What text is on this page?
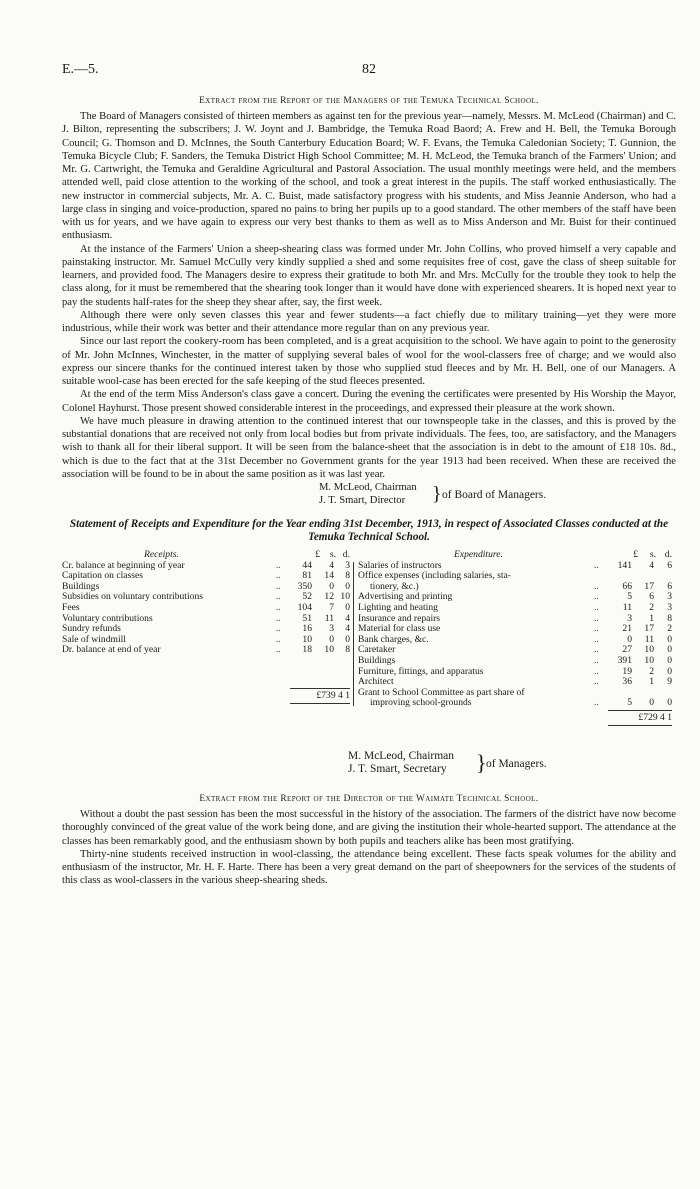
E.—5.	82
Extract from the Report of the Managers of the Temuka Technical School.

The Board of Managers consisted of thirteen members as against ten for the previous year—namely, Messrs. M. McLeod (Chairman) and C. J. Bilton, representing the subscribers; J. W. Joynt and J. Bambridge, the Temuka Road Baord; A. Frew and H. Bell, the Temuka Borough Council; G. Thomson and D. McInnes, the South Canterbury Education Board; W. F. Evans, the Temuka Caledonian Society; T. Gunnion, the Temuka Bicycle Club; F. Sanders, the Temuka District High School Committee; M. H. McLeod, the Temuka branch of the Farmers' Union; and Mr. G. Cartwright, the Temuka and Geraldine Agricultural and Pastoral Association. The usual monthly meetings were held, and the members attended well, paid close attention to the working of the school, and took a great interest in the pupils. The staff worked enthusiastically. The new instructor in commercial subjects, Mr. A. C. Buist, made satisfactory progress with his students, and Miss Jeannie Anderson, who had a large class in singing and voice-production, spared no pains to bring her pupils up to a good standard. The other members of the staff have been with us for years, and we have again to express our very best thanks to them as well as to Miss Anderson and Mr. Buist for their continued enthusiasm.

At the instance of the Farmers' Union a sheep-shearing class was formed under Mr. John Collins, who proved himself a very capable and painstaking instructor. Mr. Samuel McCully very kindly supplied a shed and some requisites free of cost, gave the class of sheep suitable for learners, and provided food. The Managers desire to express their gratitude to both Mr. and Mrs. McCully for the trouble they took to help the class along, for it must be remembered that the shearing took longer than it would have done with experienced shearers. It is hoped next year to pay the students half-rates for the sheep they shear after, say, the first week.

Although there were only seven classes this year and fewer students—a fact chiefly due to military training—yet they were more industrious, while their work was better and their attendance more regular than on any previous year.

Since our last report the cookery-room has been completed, and is a great acquisition to the school. We have again to point to the generosity of Mr. John McInnes, Winchester, in the matter of supplying several bales of wool for the wool-classers free of charge; and we would also express our sincere thanks for the continued interest taken by those who supplied stud fleeces and by Mr. H. Bell, one of our Managers. A suitable wool-case has been erected for the safe keeping of the stud fleeces presented.

At the end of the term Miss Anderson's class gave a concert. During the evening the certificates were presented by His Worship the Mayor, Colonel Hayhurst. Those present showed considerable interest in the proceedings, and expressed their pleasure at the work shown.

We have much pleasure in drawing attention to the continued interest that our townspeople take in the classes, and this is proved by the substantial donations that are received not only from local bodies but from private individuals. The fees, too, are satisfactory, and the Managers wish to thank all for their liberal support. It will be seen from the balance-sheet that the association is in debt to the amount of £18 10s. 8d., which is due to the fact that at the 31st December no Government grants for the year 1913 had been received. When these are received the association will be found to be in about the same position as it was last year.

M. McLeod, Chairman
J. T. Smart, Director	} of Board of Managers.
Statement of Receipts and Expenditure for the Year ending 31st December, 1913, in respect of Associated Classes conducted at the Temuka Technical School.
Receipts.	£	s. d.
Cr. balance at beginning of year	..	44	4	3
Capitation on classes	..	81	14	8
Buildings	..	350	0	0
Subsidies on voluntary contributions	..	52	12 10
Fees	..	104	7	0
Voluntary contributions	..	51	11	4
Sundry refunds	..	16	3	4
Sale of windmill	..	10	0	0
Dr. balance at end of year	..	18	10	8
£739 4 1
Expenditure.	£	s. d.
Salaries of instructors	..	141	4	6
Office expenses (including salaries, sta-
tionery, &c.)	..	66	17	6
Advertising and printing	..	5	6	3
Lighting and heating	..	11	2	3
Insurance and repairs	..	3	1	8
Material for class use	..	21	17	2
Bank charges, &c.	..	0	11	0
Caretaker	..	27	10	0
Buildings	..	391	10	0
Furniture, fittings, and apparatus	..	19	2	0
Architect	..	36	1	9
Grant to School Committee as part share of
improving school-grounds	..	5	0	0
£729 4 1
M. McLeod, Chairman
J. T. Smart, Secretary	} of Managers.
Extract from the Report of the Director of the Waimate Technical School.

Without a doubt the past session has been the most successful in the history of the association. The farmers of the district have now become thoroughly convinced of the great value of the work being done, and are giving the institution their whole-hearted support. The attendance at the classes has been remarkably good, and the enthusiasm shown by both pupils and teachers alike has been most gratifying.

Thirty-nine students received instruction in wool-classing, the attendance being excellent. These facts speak volumes for the ability and enthusiasm of the instructor, Mr. H. F. Harte. There has been a very great demand on the part of sheepowners for the services of the students of this class as wool-classers in the various sheep-shearing sheds.
